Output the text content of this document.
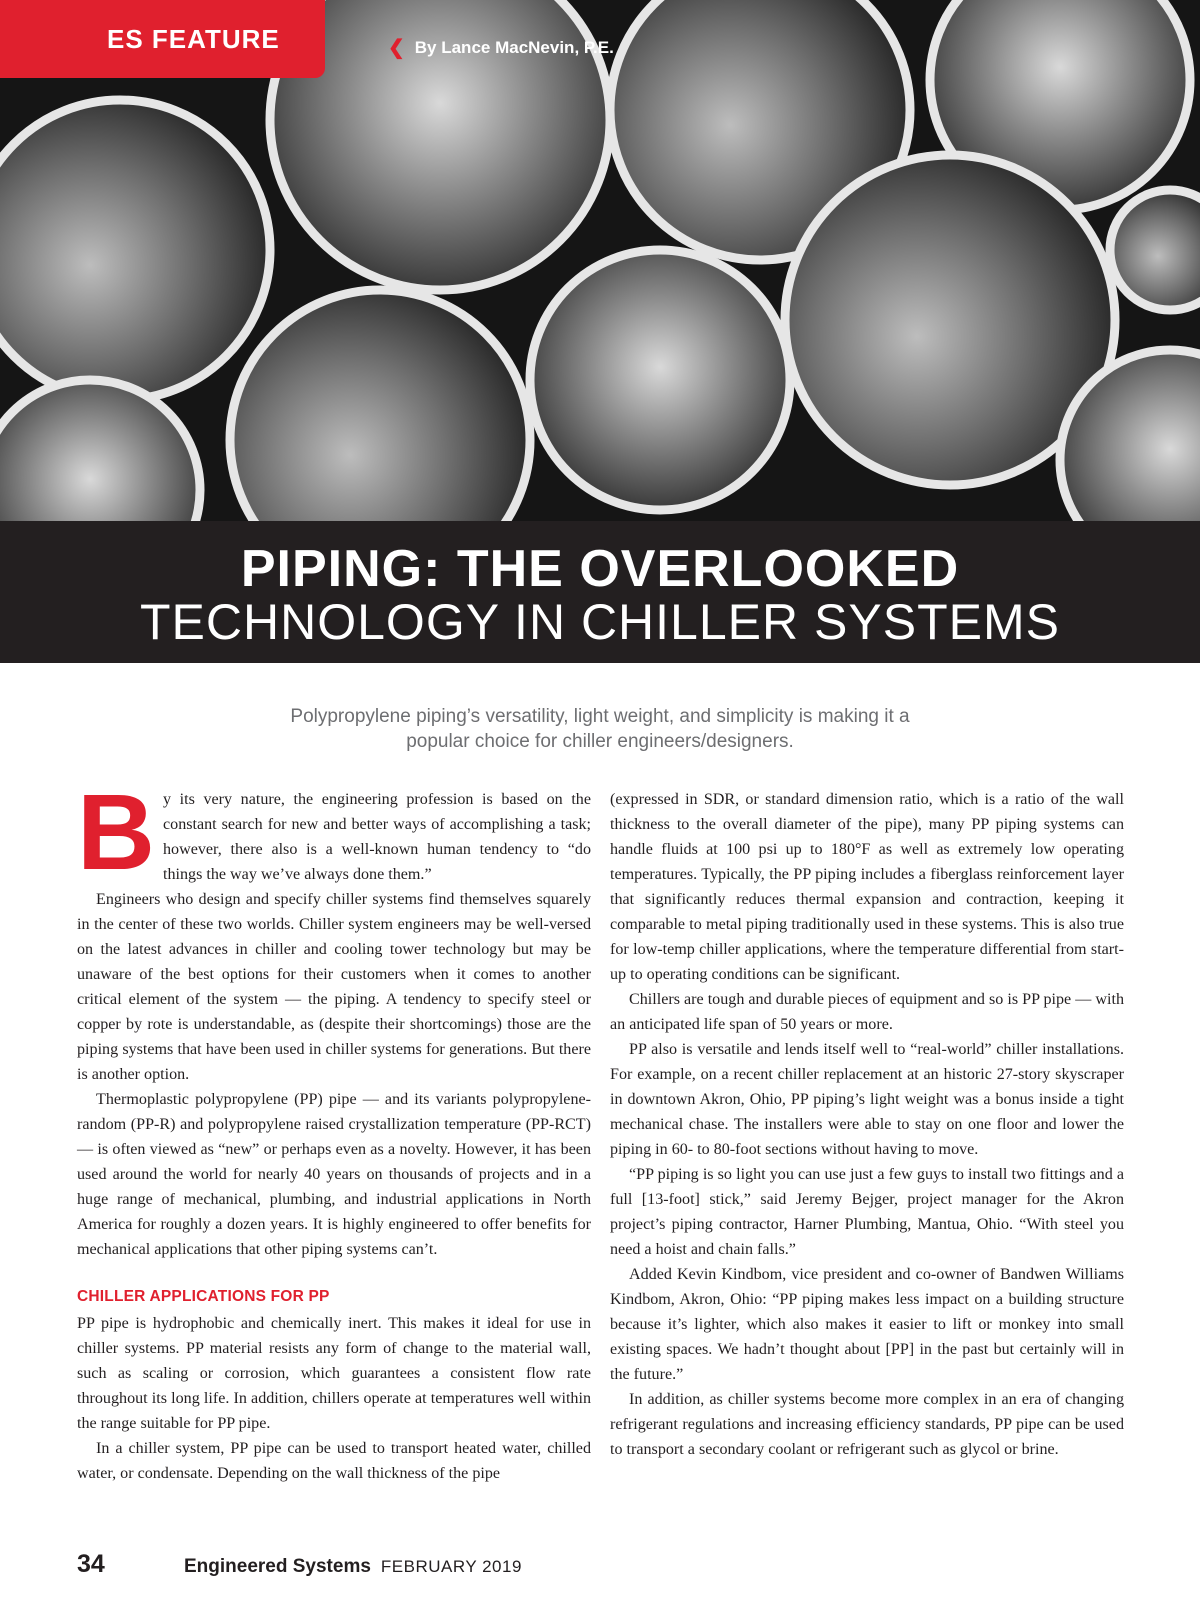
ES FEATURE	❮ By Lance MacNevin, P.E.
PIPING: THE OVERLOOKED
TECHNOLOGY IN CHILLER SYSTEMS
Polypropylene piping’s versatility, light weight, and simplicity is making it a
popular choice for chiller engineers/designers.

By its very nature, the engineering profession is based on the constant search for new and better ways of accomplishing a task; however, there also is a well-known human tendency to “do things the way we’ve always done them.”

Engineers who design and specify chiller systems find themselves squarely in the center of these two worlds. Chiller system engineers may be well-versed on the latest advances in chiller and cooling tower technology but may be unaware of the best options for their customers when it comes to another critical element of the system — the piping. A tendency to specify steel or copper by rote is understandable, as (despite their shortcomings) those are the piping systems that have been used in chiller systems for generations. But there is another option.

Thermoplastic polypropylene (PP) pipe — and its variants polypropylene-random (PP-R) and polypropylene raised crystallization temperature (PP-RCT) — is often viewed as “new” or perhaps even as a novelty. However, it has been used around the world for nearly 40 years on thousands of projects and in a huge range of mechanical, plumbing, and industrial applications in North America for roughly a dozen years. It is highly engineered to offer benefits for mechanical applications that other piping systems can’t.

CHILLER APPLICATIONS FOR PP

PP pipe is hydrophobic and chemically inert. This makes it ideal for use in chiller systems. PP material resists any form of change to the material wall, such as scaling or corrosion, which guarantees a consistent flow rate throughout its long life. In addition, chillers operate at temperatures well within the range suitable for PP pipe.

In a chiller system, PP pipe can be used to transport heated water, chilled water, or condensate. Depending on the wall thickness of the pipe

(expressed in SDR, or standard dimension ratio, which is a ratio of the wall thickness to the overall diameter of the pipe), many PP piping systems can handle fluids at 100 psi up to 180°F as well as extremely low operating temperatures. Typically, the PP piping includes a fiberglass reinforcement layer that significantly reduces thermal expansion and contraction, keeping it comparable to metal piping traditionally used in these systems. This is also true for low-temp chiller applications, where the temperature differential from start-up to operating conditions can be significant.

Chillers are tough and durable pieces of equipment and so is PP pipe — with an anticipated life span of 50 years or more.

PP also is versatile and lends itself well to “real-world” chiller installations. For example, on a recent chiller replacement at an historic 27-story skyscraper in downtown Akron, Ohio, PP piping’s light weight was a bonus inside a tight mechanical chase. The installers were able to stay on one floor and lower the piping in 60- to 80-foot sections without having to move.

“PP piping is so light you can use just a few guys to install two fittings and a full [13-foot] stick,” said Jeremy Bejger, project manager for the Akron project’s piping contractor, Harner Plumbing, Mantua, Ohio. “With steel you need a hoist and chain falls.”

Added Kevin Kindbom, vice president and co-owner of Bandwen Williams Kindbom, Akron, Ohio: “PP piping makes less impact on a building structure because it’s lighter, which also makes it easier to lift or monkey into small existing spaces. We hadn’t thought about [PP] in the past but certainly will in the future.”

In addition, as chiller systems become more complex in an era of changing refrigerant regulations and increasing efficiency standards, PP pipe can be used to transport a secondary coolant or refrigerant such as glycol or brine.

34	Engineered Systems FEBRUARY 2019
